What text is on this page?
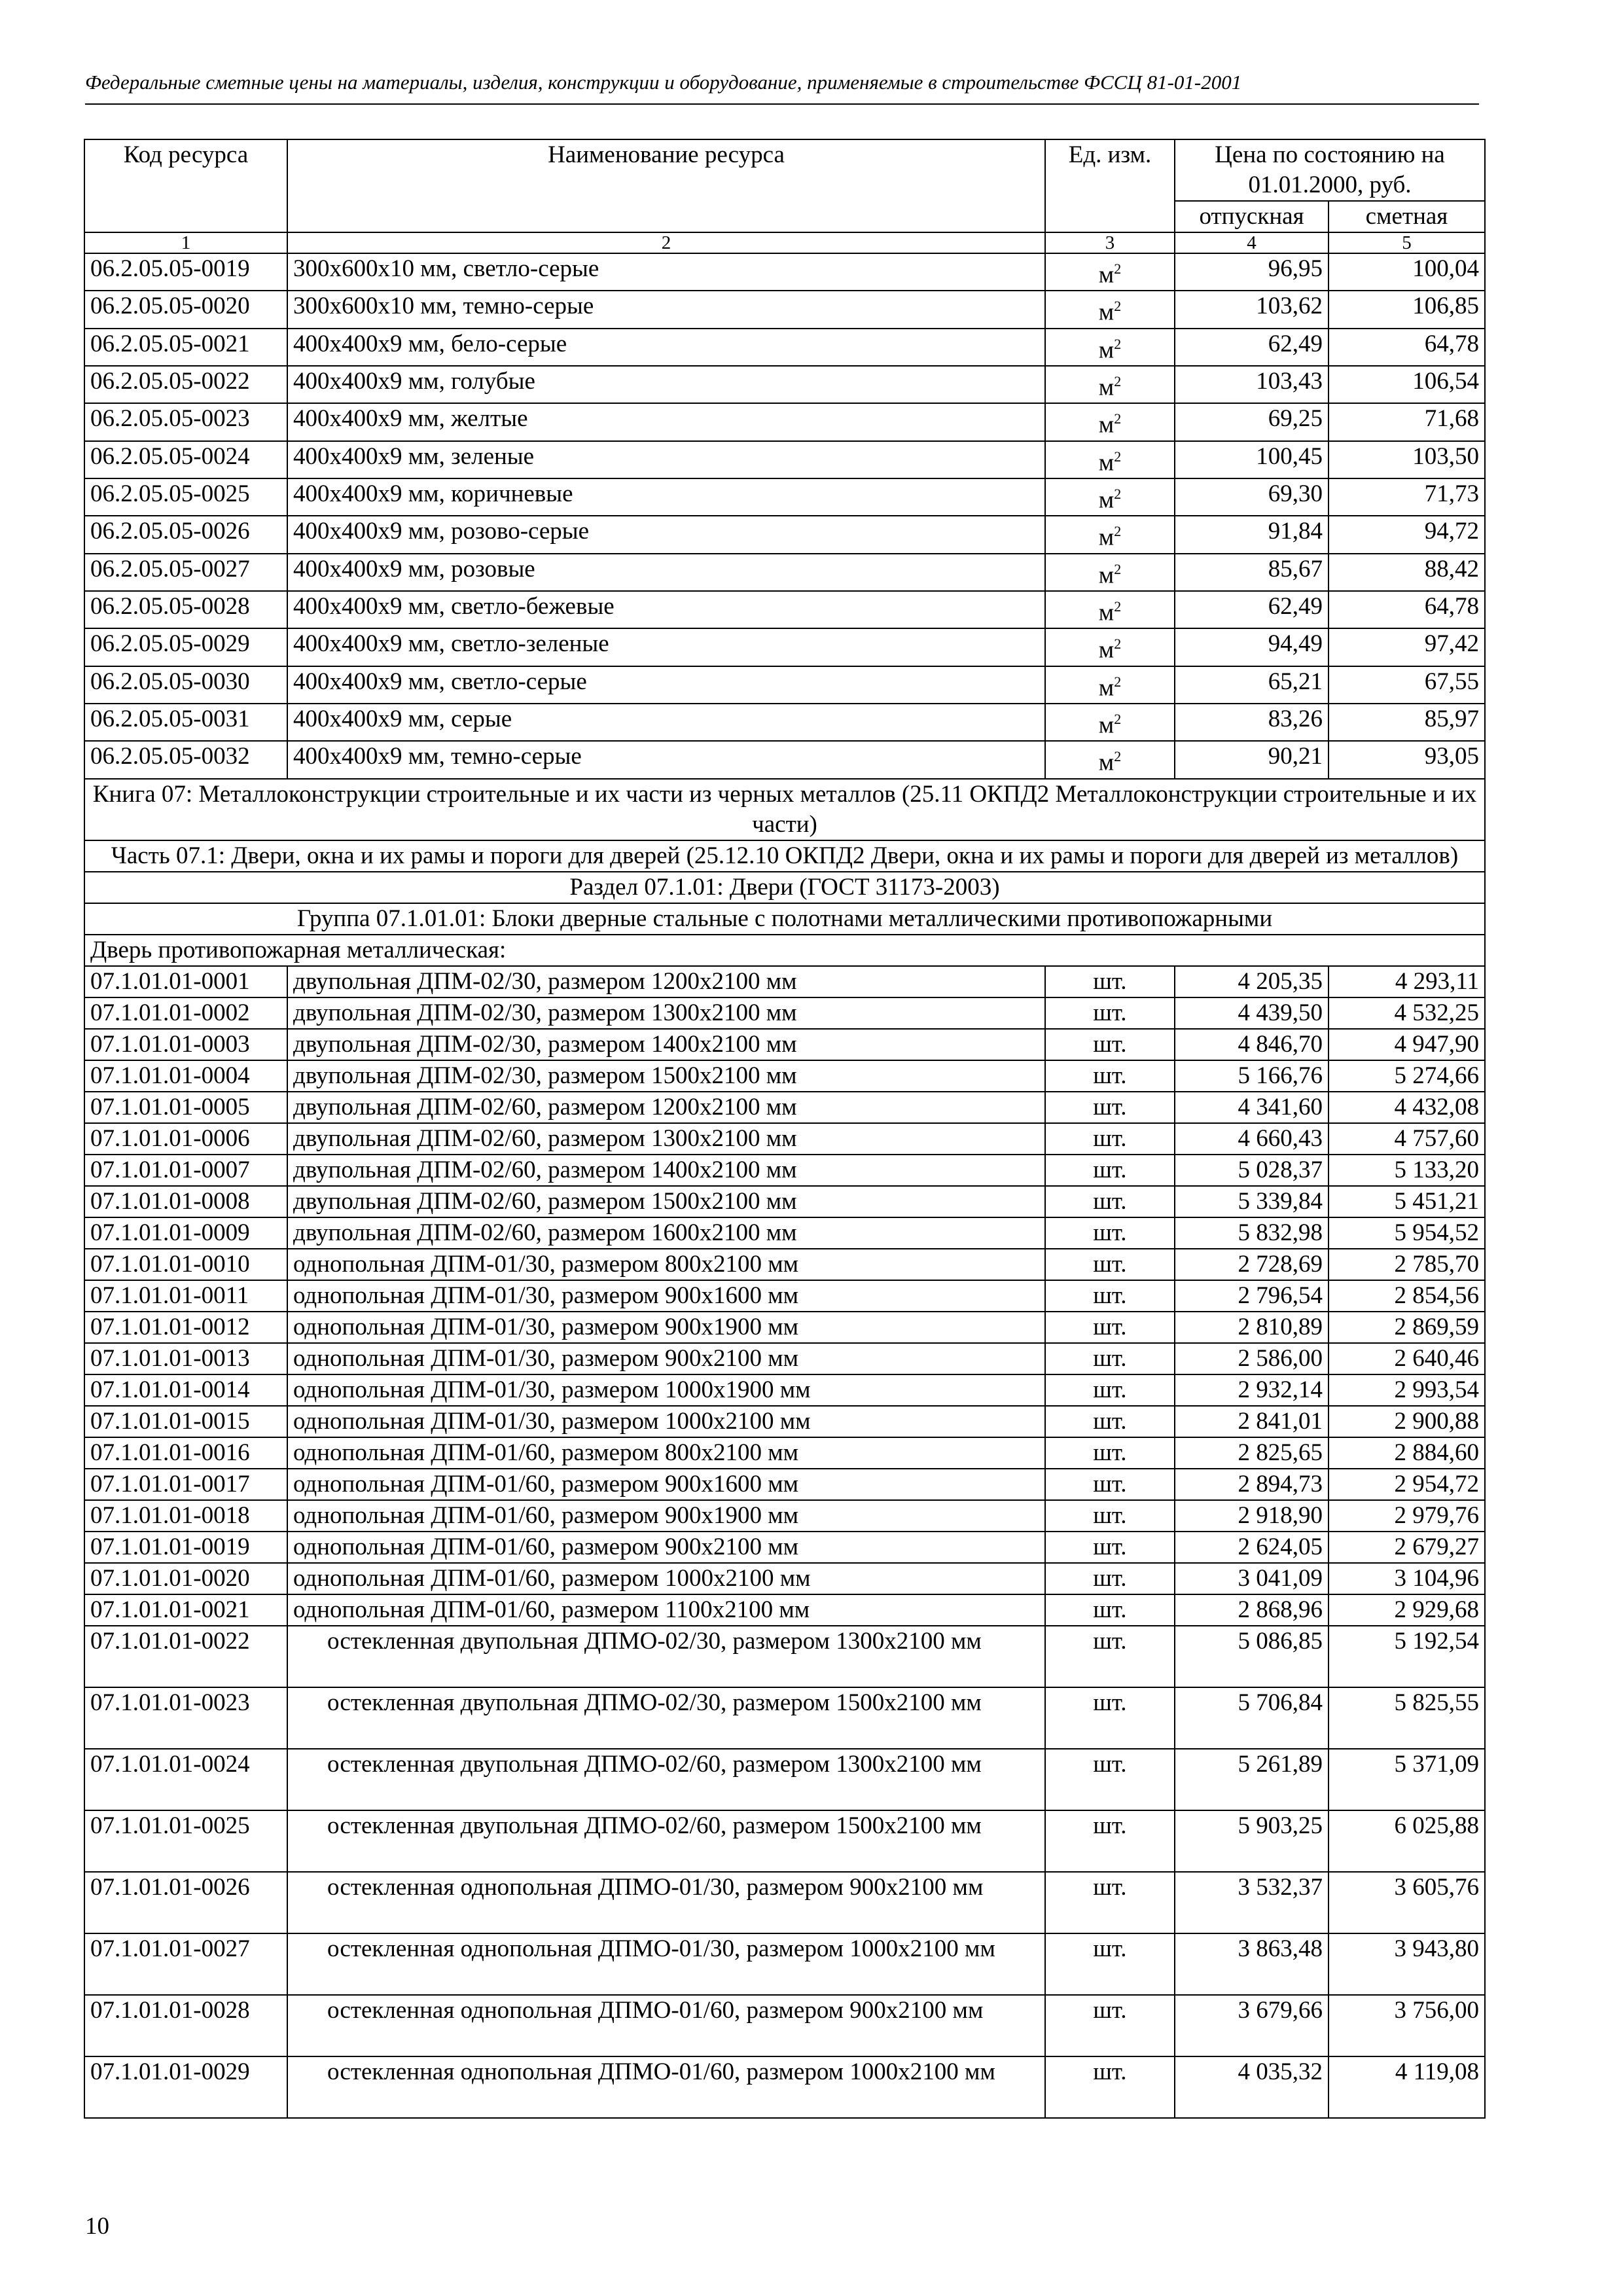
Федеральные сметные цены на материалы, изделия, конструкции и оборудование, применяемые в строительстве ФССЦ 81-01-2001
Код ресурса	Наименование ресурса	Ед. изм.	Цена по состоянию на 01.01.2000, руб.	
			отпускная	сметная
1	2	3	4	5
06.2.05.05-0019	300х600х10 мм, светло-серые	$м^2$	96,95	100,04
06.2.05.05-0020	300х600х10 мм, темно-серые	$м^2$	103,62	106,85
06.2.05.05-0021	400х400х9 мм, бело-серые	$м^2$	62,49	64,78
06.2.05.05-0022	400х400х9 мм, голубые	$м^2$	103,43	106,54
06.2.05.05-0023	400х400х9 мм, желтые	$м^2$	69,25	71,68
06.2.05.05-0024	400х400х9 мм, зеленые	$м^2$	100,45	103,50
06.2.05.05-0025	400х400х9 мм, коричневые	$м^2$	69,30	71,73
06.2.05.05-0026	400х400х9 мм, розово-серые	$м^2$	91,84	94,72
06.2.05.05-0027	400х400х9 мм, розовые	$м^2$	85,67	88,42
06.2.05.05-0028	400х400х9 мм, светло-бежевые	$м^2$	62,49	64,78
06.2.05.05-0029	400х400х9 мм, светло-зеленые	$м^2$	94,49	97,42
06.2.05.05-0030	400х400х9 мм, светло-серые	$м^2$	65,21	67,55
06.2.05.05-0031	400х400х9 мм, серые	$м^2$	83,26	85,97
06.2.05.05-0032	400х400х9 мм, темно-серые	$м^2$	90,21	93,05
Книга 07: Металлоконструкции строительные и их части из черных металлов (25.11 ОКПД2 Металлоконструкции строительные и их части)				
Часть 07.1: Двери, окна и их рамы и пороги для дверей (25.12.10 ОКПД2 Двери, окна и их рамы и пороги для дверей из металлов)				
Раздел 07.1.01: Двери (ГОСТ 31173-2003)				
Группа 07.1.01.01: Блоки дверные стальные с полотнами металлическими противопожарными				
Дверь противопожарная металлическая:				
07.1.01.01-0001	двупольная ДПМ-02/30, размером 1200х2100 мм	шт.	4 205,35	4 293,11
07.1.01.01-0002	двупольная ДПМ-02/30, размером 1300х2100 мм	шт.	4 439,50	4 532,25
07.1.01.01-0003	двупольная ДПМ-02/30, размером 1400х2100 мм	шт.	4 846,70	4 947,90
07.1.01.01-0004	двупольная ДПМ-02/30, размером 1500х2100 мм	шт.	5 166,76	5 274,66
07.1.01.01-0005	двупольная ДПМ-02/60, размером 1200х2100 мм	шт.	4 341,60	4 432,08
07.1.01.01-0006	двупольная ДПМ-02/60, размером 1300х2100 мм	шт.	4 660,43	4 757,60
07.1.01.01-0007	двупольная ДПМ-02/60, размером 1400х2100 мм	шт.	5 028,37	5 133,20
07.1.01.01-0008	двупольная ДПМ-02/60, размером 1500х2100 мм	шт.	5 339,84	5 451,21
07.1.01.01-0009	двупольная ДПМ-02/60, размером 1600х2100 мм	шт.	5 832,98	5 954,52
07.1.01.01-0010	однопольная ДПМ-01/30, размером 800х2100 мм	шт.	2 728,69	2 785,70
07.1.01.01-0011	однопольная ДПМ-01/30, размером 900х1600 мм	шт.	2 796,54	2 854,56
07.1.01.01-0012	однопольная ДПМ-01/30, размером 900х1900 мм	шт.	2 810,89	2 869,59
07.1.01.01-0013	однопольная ДПМ-01/30, размером 900х2100 мм	шт.	2 586,00	2 640,46
07.1.01.01-0014	однопольная ДПМ-01/30, размером 1000х1900 мм	шт.	2 932,14	2 993,54
07.1.01.01-0015	однопольная ДПМ-01/30, размером 1000х2100 мм	шт.	2 841,01	2 900,88
07.1.01.01-0016	однопольная ДПМ-01/60, размером 800х2100 мм	шт.	2 825,65	2 884,60
07.1.01.01-0017	однопольная ДПМ-01/60, размером 900х1600 мм	шт.	2 894,73	2 954,72
07.1.01.01-0018	однопольная ДПМ-01/60, размером 900х1900 мм	шт.	2 918,90	2 979,76
07.1.01.01-0019	однопольная ДПМ-01/60, размером 900х2100 мм	шт.	2 624,05	2 679,27
07.1.01.01-0020	однопольная ДПМ-01/60, размером 1000х2100 мм	шт.	3 041,09	3 104,96
07.1.01.01-0021	однопольная ДПМ-01/60, размером 1100х2100 мм	шт.	2 868,96	2 929,68
07.1.01.01-0022	остекленная двупольная ДПМО-02/30, размером 1300х2100 мм	шт.	5 086,85	5 192,54
07.1.01.01-0023	остекленная двупольная ДПМО-02/30, размером 1500х2100 мм	шт.	5 706,84	5 825,55
07.1.01.01-0024	остекленная двупольная ДПМО-02/60, размером 1300х2100 мм	шт.	5 261,89	5 371,09
07.1.01.01-0025	остекленная двупольная ДПМО-02/60, размером 1500х2100 мм	шт.	5 903,25	6 025,88
07.1.01.01-0026	остекленная однопольная ДПМО-01/30, размером 900х2100 мм	шт.	3 532,37	3 605,76
07.1.01.01-0027	остекленная однопольная ДПМО-01/30, размером 1000х2100 мм	шт.	3 863,48	3 943,80
07.1.01.01-0028	остекленная однопольная ДПМО-01/60, размером 900х2100 мм	шт.	3 679,66	3 756,00
07.1.01.01-0029	остекленная однопольная ДПМО-01/60, размером 1000х2100 мм	шт.	4 035,32	4 119,08
10
